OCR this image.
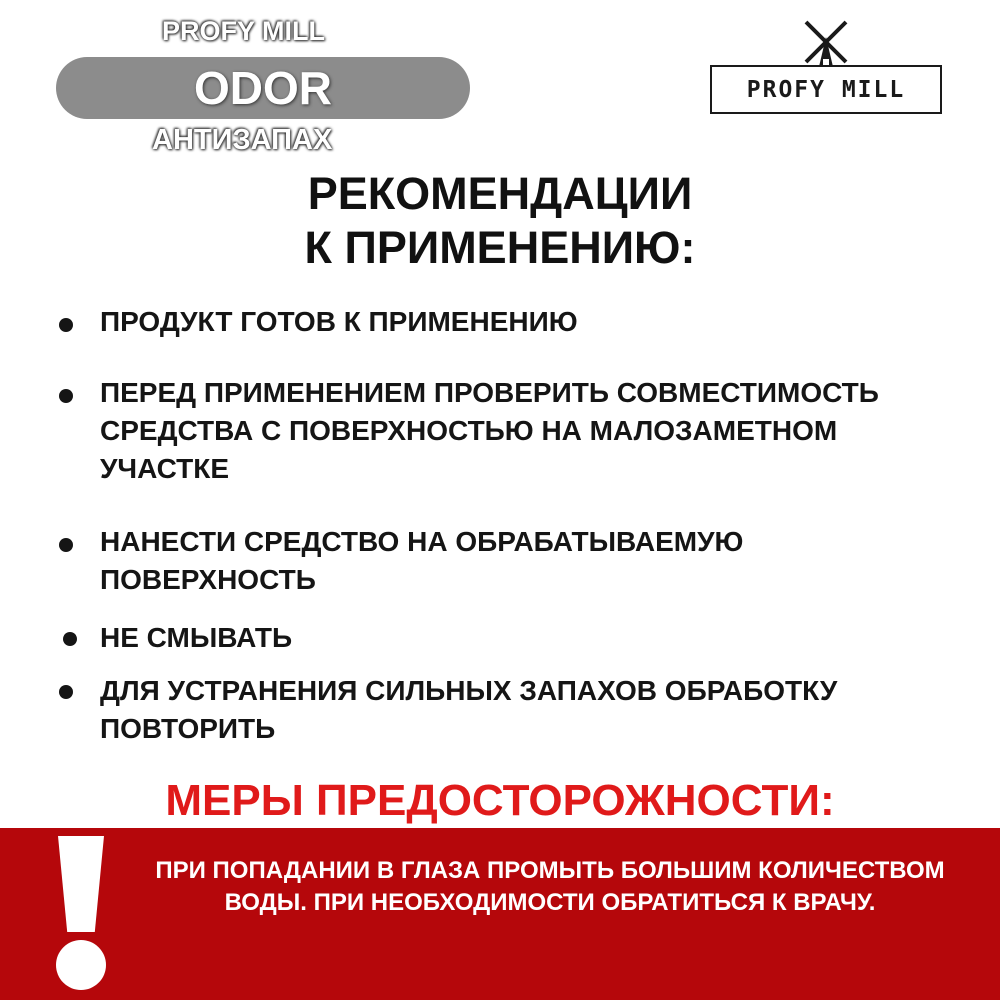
PROFY MILL
ODOR
АНТИЗАПАХ
PROFY MILL
РЕКОМЕНДАЦИИ
К ПРИМЕНЕНИЮ:
ПРОДУКТ ГОТОВ К ПРИМЕНЕНИЮ
ПЕРЕД ПРИМЕНЕНИЕМ ПРОВЕРИТЬ СОВМЕСТИМОСТЬ СРЕДСТВА С ПОВЕРХНОСТЬЮ НА МАЛОЗАМЕТНОМ УЧАСТКЕ
НАНЕСТИ СРЕДСТВО НА ОБРАБАТЫВАЕМУЮ ПОВЕРХНОСТЬ
НЕ СМЫВАТЬ
ДЛЯ УСТРАНЕНИЯ СИЛЬНЫХ ЗАПАХОВ ОБРАБОТКУ ПОВТОРИТЬ
МЕРЫ ПРЕДОСТОРОЖНОСТИ:
ПРИ ПОПАДАНИИ В ГЛАЗА ПРОМЫТЬ БОЛЬШИМ КОЛИЧЕСТВОМ ВОДЫ. ПРИ НЕОБХОДИМОСТИ ОБРАТИТЬСЯ К ВРАЧУ.
